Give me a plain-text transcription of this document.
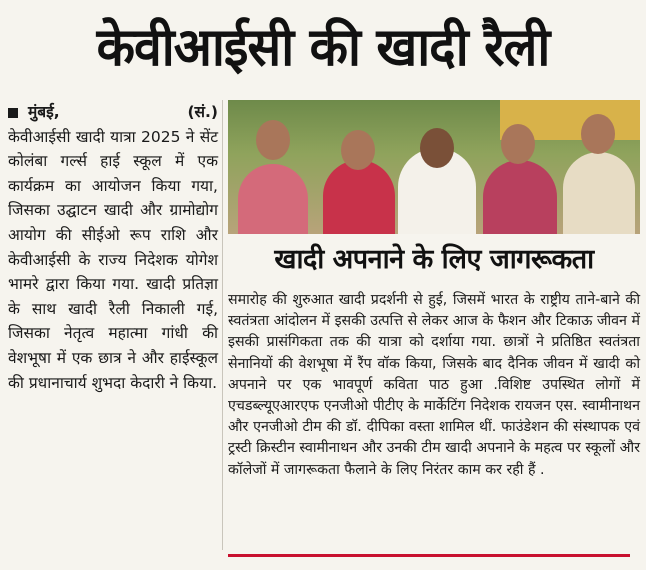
केवीआईसी की खादी रैली
मुंबई,	(सं.)
केवीआईसी खादी यात्रा 2025 ने सेंट कोलंबा गर्ल्स हाई स्कूल में एक कार्यक्रम का आयोजन किया गया, जिसका उद्घाटन खादी और ग्रामोद्योग आयोग की सीईओ रूप राशि और केवीआईसी के राज्य निदेशक योगेश भामरे द्वारा किया गया. खादी प्रतिज्ञा के साथ खादी रैली निकाली गई, जिसका नेतृत्व महात्मा गांधी की वेशभूषा में एक छात्र ने और हाईस्कूल की प्रधानाचार्य शुभदा केदारी ने किया.
खादी अपनाने के लिए जागरूकता
समारोह की शुरुआत खादी प्रदर्शनी से हुई, जिसमें भारत के राष्ट्रीय ताने-बाने की स्वतंत्रता आंदोलन में इसकी उत्पत्ति से लेकर आज के फैशन और टिकाऊ जीवन में इसकी प्रासंगिकता तक की यात्रा को दर्शाया गया. छात्रों ने प्रतिष्ठित स्वतंत्रता सेनानियों की वेशभूषा में रैंप वॉक किया, जिसके बाद दैनिक जीवन में खादी को अपनाने पर एक भावपूर्ण कविता पाठ हुआ .विशिष्ट उपस्थित लोगों में एचडब्ल्यूएआरएफ एनजीओ पीटीए के मार्केटिंग निदेशक रायजन एस. स्वामीनाथन और एनजीओ टीम की डॉ. दीपिका वस्ता शामिल थीं. फाउंडेशन की संस्थापक एवं ट्रस्टी क्रिस्टीन स्वामीनाथन और उनकी टीम खादी अपनाने के महत्व पर स्कूलों और कॉलेजों में जागरूकता फैलाने के लिए निरंतर काम कर रही हैं .
